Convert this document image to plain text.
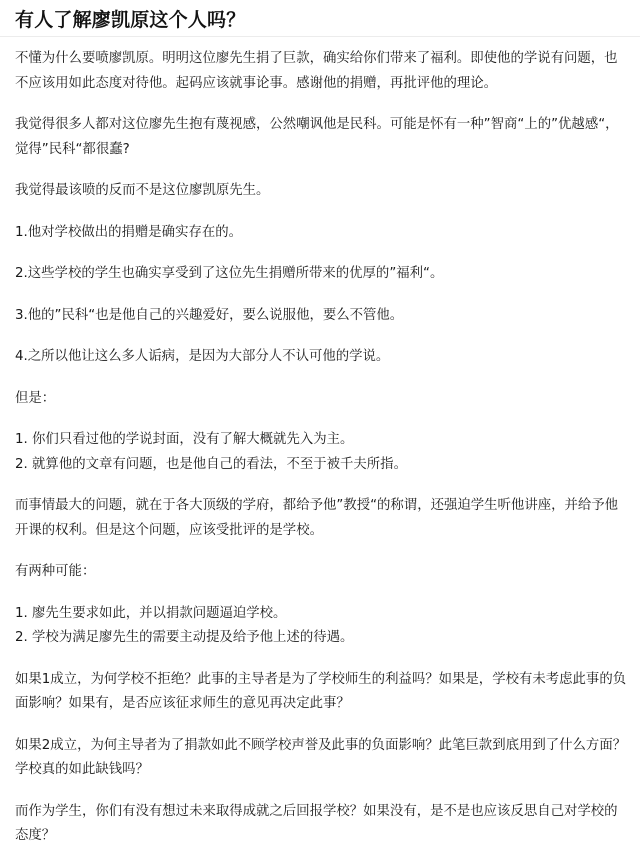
有人了解廖凯原这个人吗？

不懂为什么要喷廖凯原。明明这位廖先生捐了巨款，确实给你们带来了福利。即使他的学说有问题，也不应该用如此态度对待他。起码应该就事论事。感谢他的捐赠，再批评他的理论。

我觉得很多人都对这位廖先生抱有蔑视感，公然嘲讽他是民科。可能是怀有一种”智商“上的”优越感“，觉得”民科“都很蠢?

我觉得最该喷的反而不是这位廖凯原先生。

1.他对学校做出的捐赠是确实存在的。

2.这些学校的学生也确实享受到了这位先生捐赠所带来的优厚的”福利“。

3.他的”民科“也是他自己的兴趣爱好，要么说服他，要么不管他。

4.之所以他让这么多人诟病，是因为大部分人不认可他的学说。

但是：

1. 你们只看过他的学说封面，没有了解大概就先入为主。
2. 就算他的文章有问题，也是他自己的看法，不至于被千夫所指。

而事情最大的问题，就在于各大顶级的学府，都给予他”教授“的称谓，还强迫学生听他讲座，并给予他开课的权利。但是这个问题，应该受批评的是学校。

有两种可能：

1. 廖先生要求如此，并以捐款问题逼迫学校。
2. 学校为满足廖先生的需要主动提及给予他上述的待遇。

如果1成立，为何学校不拒绝？此事的主导者是为了学校师生的利益吗？如果是，学校有未考虑此事的负面影响？如果有，是否应该征求师生的意见再决定此事？

如果2成立，为何主导者为了捐款如此不顾学校声誉及此事的负面影响？此笔巨款到底用到了什么方面？学校真的如此缺钱吗？

而作为学生，你们有没有想过未来取得成就之后回报学校？如果没有，是不是也应该反思自己对学校的态度？
